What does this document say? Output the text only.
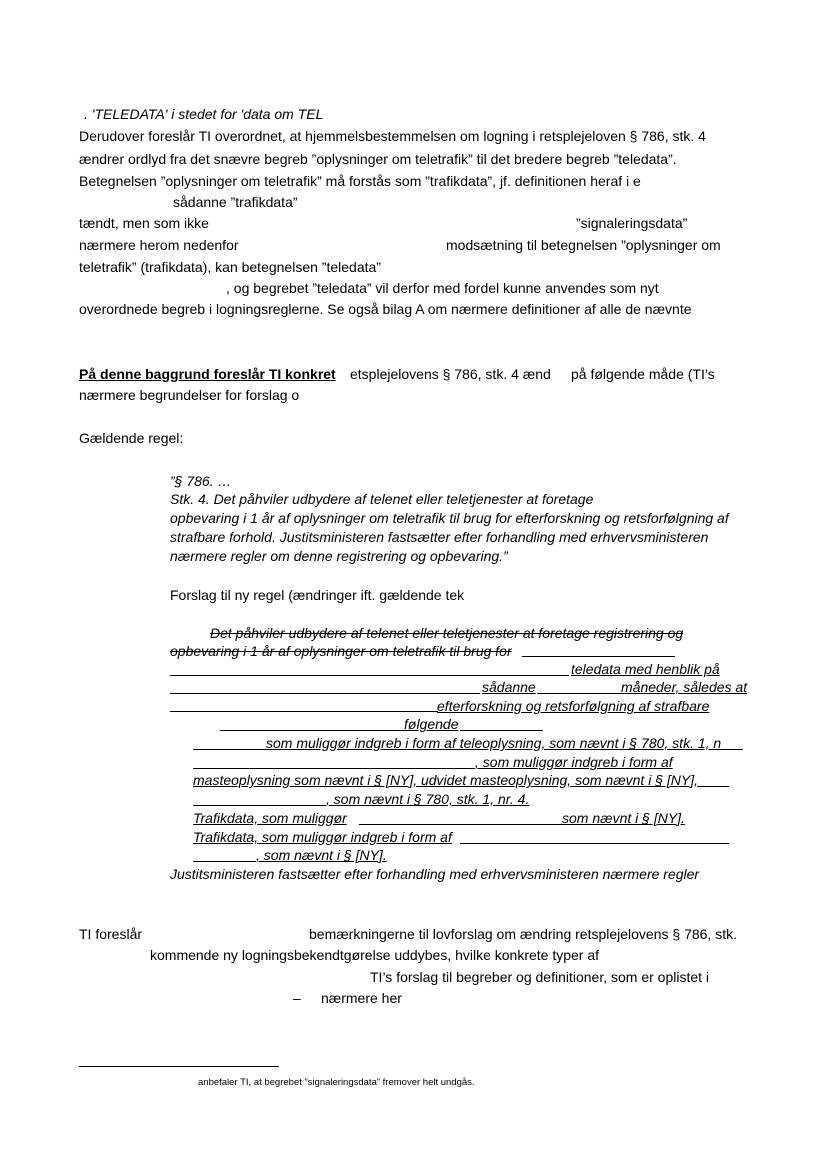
. 'TELEDATA' i stedet for 'data om TEL
Derudover foreslår TI overordnet, at hjemmelsbestemmelsen om logning i retsplejeloven § 786, stk. 4
ændrer ordlyd fra det snævre begreb ”oplysninger om teletrafik” til det bredere begreb ”teledata”.
Betegnelsen ”oplysninger om teletrafik” må forstås som ”trafikdata”, jf. definitionen heraf i e
sådanne ”trafikdata”
tændt, men som ikke	”signaleringsdata”
nærmere herom nedenfor	modsætning til betegnelsen ”oplysninger om
teletrafik” (trafikdata), kan betegnelsen ”teledata”
, og begrebet ”teledata” vil derfor med fordel kunne anvendes som nyt
overordnede begreb i logningsreglerne. Se også bilag A om nærmere definitioner af alle de nævnte
På denne baggrund foreslår TI konkret etsplejelovens § 786, stk. 4 ænd på følgende måde (TI’s
nærmere begrundelser for forslag o
Gældende regel:
”§ 786. …
Stk. 4. Det påhviler udbydere af telenet eller teletjenester at foretage
opbevaring i 1 år af oplysninger om teletrafik til brug for efterforskning og retsforfølgning af
strafbare forhold. Justitsministeren fastsætter efter forhandling med erhvervsministeren
nærmere regler om denne registrering og opbevaring.”
Forslag til ny regel (ændringer ift. gældende tek
Det påhviler udbydere af telenet eller teletjenester at foretage registrering og
opbevaring i 1 år af oplysninger om teletrafik til brug for
teledata med henblik på
sådanne	måneder, således at
efterforskning og retsforfølgning af strafbare
følgende
som muliggør indgreb i form af teleoplysning, som nævnt i § 780, stk. 1, n
, som muliggør indgreb i form af
masteoplysning som nævnt i § [NY], udvidet masteoplysning, som nævnt i § [NY],
, som nævnt i § 780, stk. 1, nr. 4.
Trafikdata, som muliggør	som nævnt i § [NY].
Trafikdata, som muliggør indgreb i form af
, som nævnt i § [NY].
Justitsministeren fastsætter efter forhandling med erhvervsministeren nærmere regler
TI foreslår	bemærkningerne til lovforslag om ændring retsplejelovens § 786, stk.
kommende ny logningsbekendtgørelse uddybes, hvilke konkrete typer af
TI’s forslag til begreber og definitioner, som er oplistet i
– nærmere her
anbefaler TI, at begrebet ”signaleringsdata” fremover helt undgås.
